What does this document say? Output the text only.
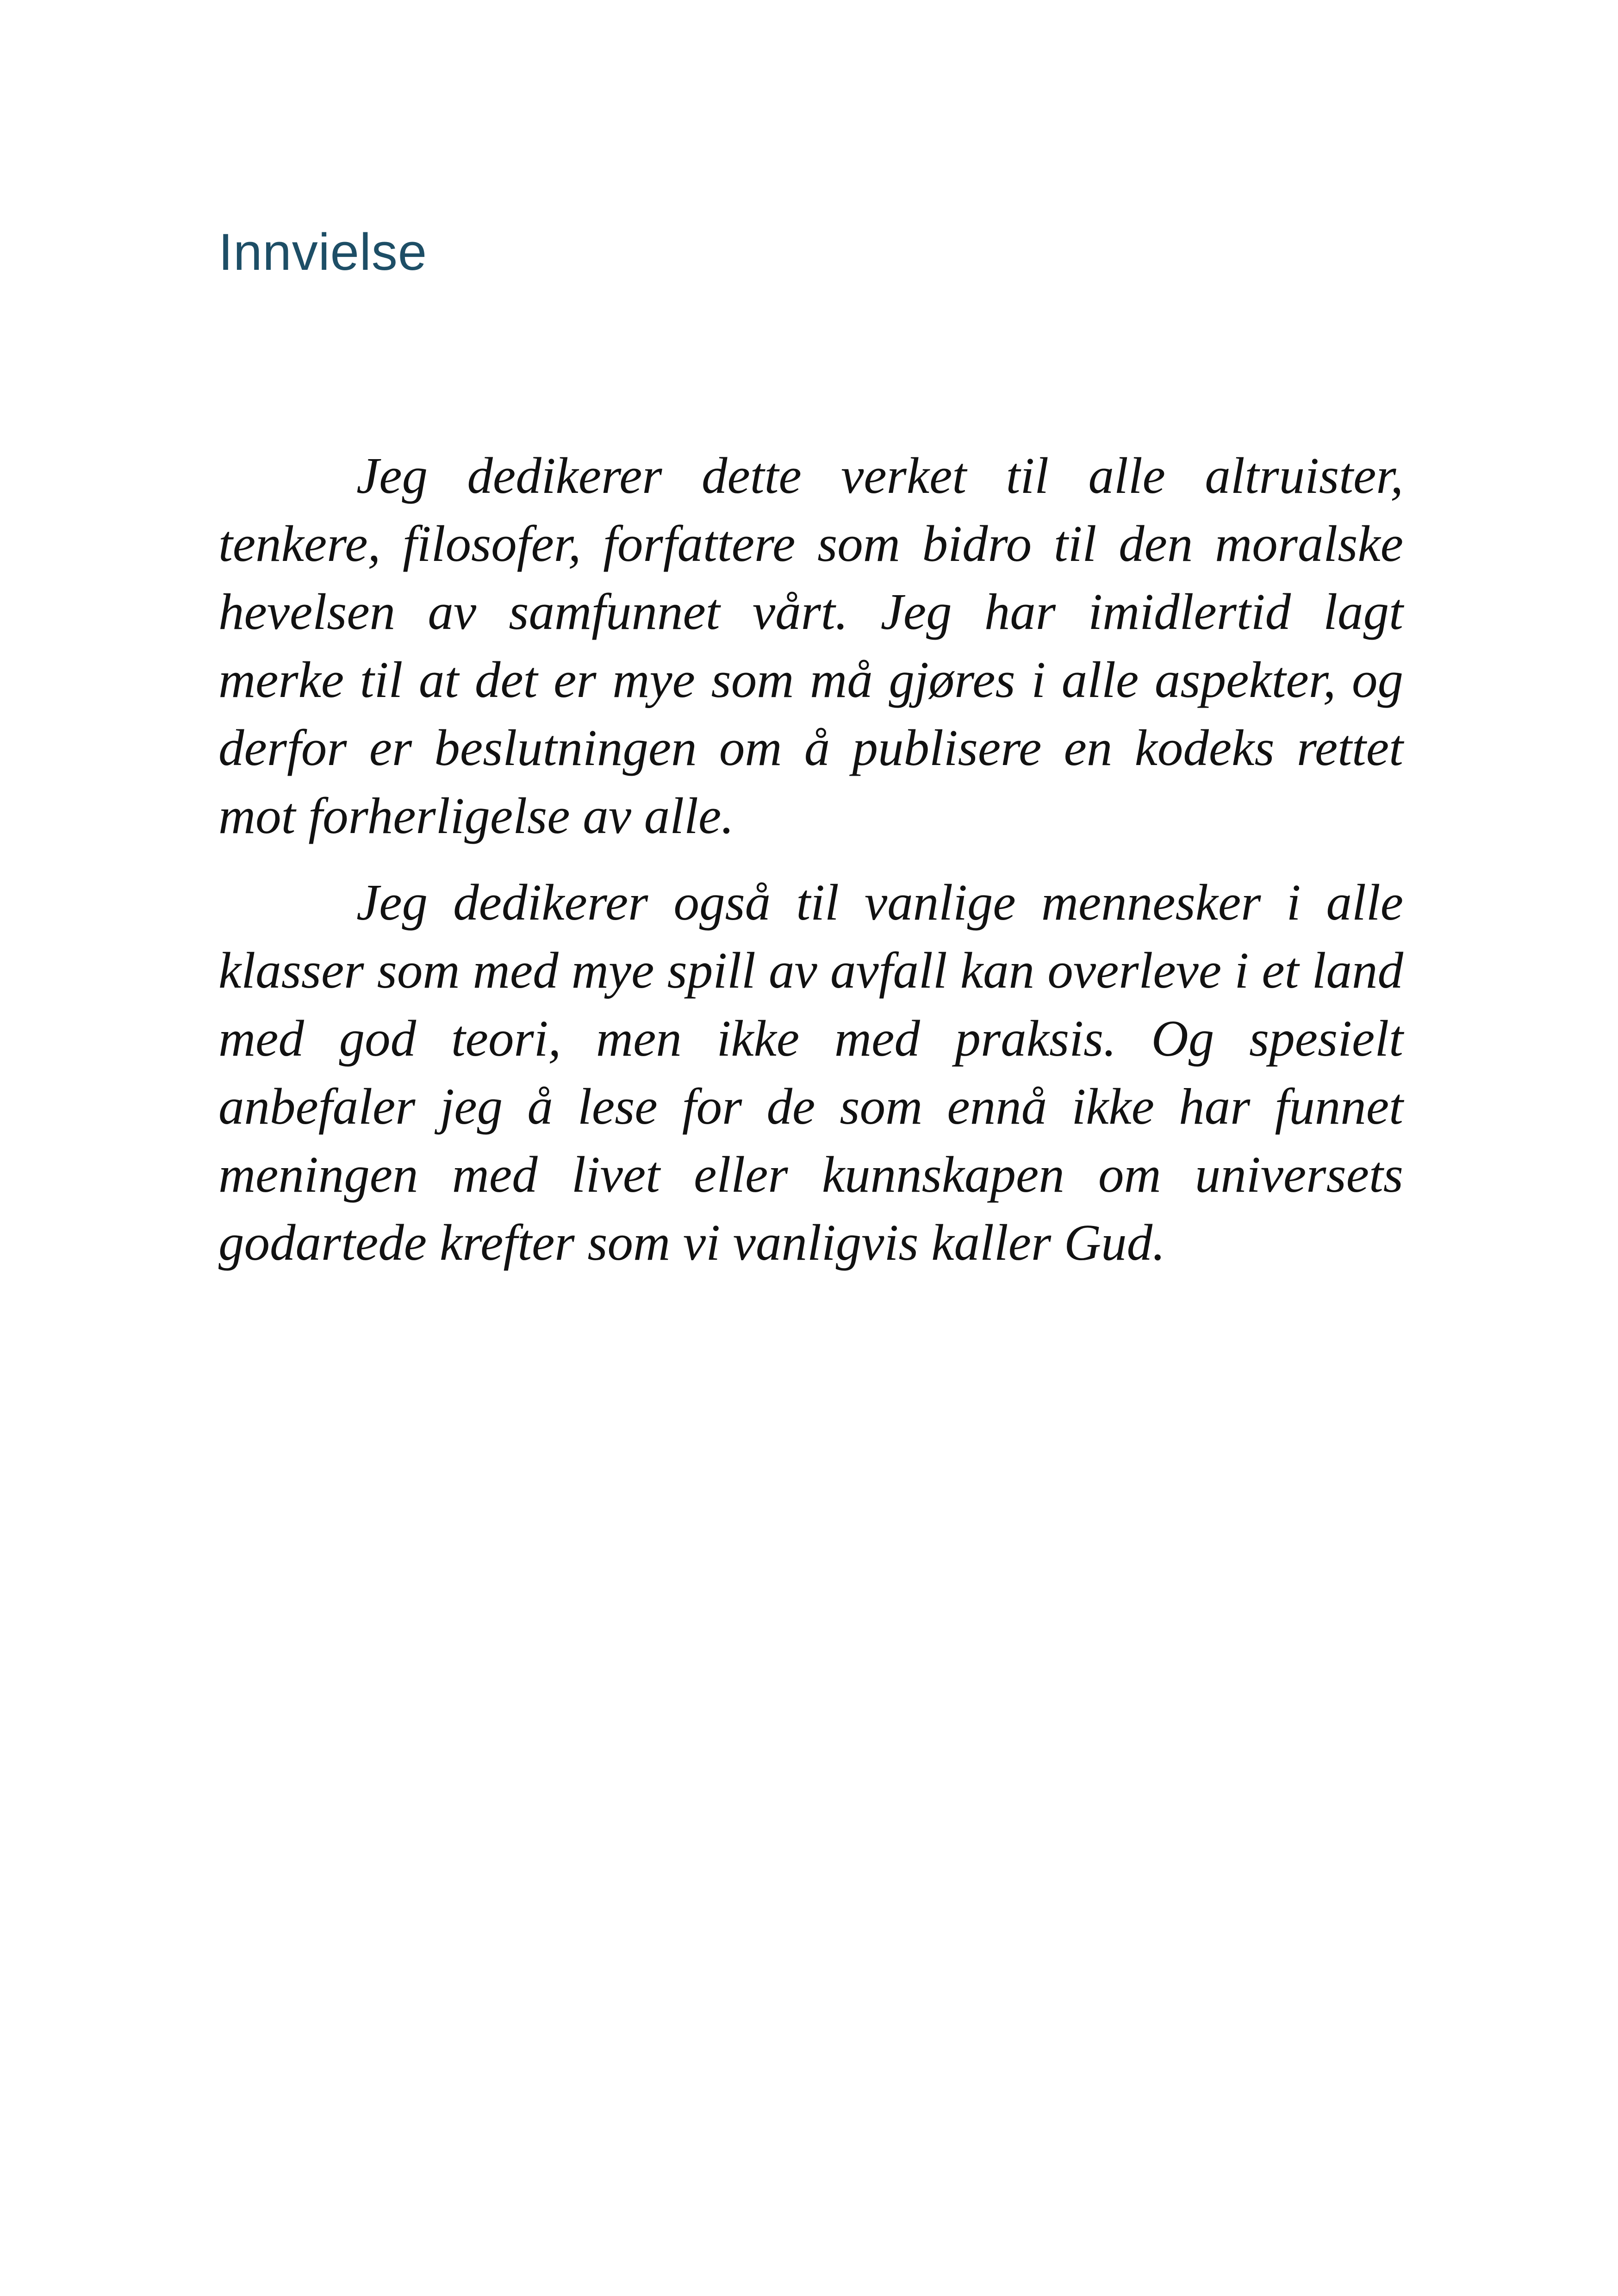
Innvielse

Jeg dedikerer dette verket til alle altruister, tenkere, filosofer, forfattere som bidro til den moralske hevelsen av samfunnet vårt. Jeg har imidlertid lagt merke til at det er mye som må gjøres i alle aspekter, og derfor er beslutningen om å publisere en kodeks rettet mot forherligelse av alle.

Jeg dedikerer også til vanlige mennesker i alle klasser som med mye spill av avfall kan overleve i et land med god teori, men ikke med praksis. Og spesielt anbefaler jeg å lese for de som ennå ikke har funnet meningen med livet eller kunnskapen om universets godartede krefter som vi vanligvis kaller Gud.
